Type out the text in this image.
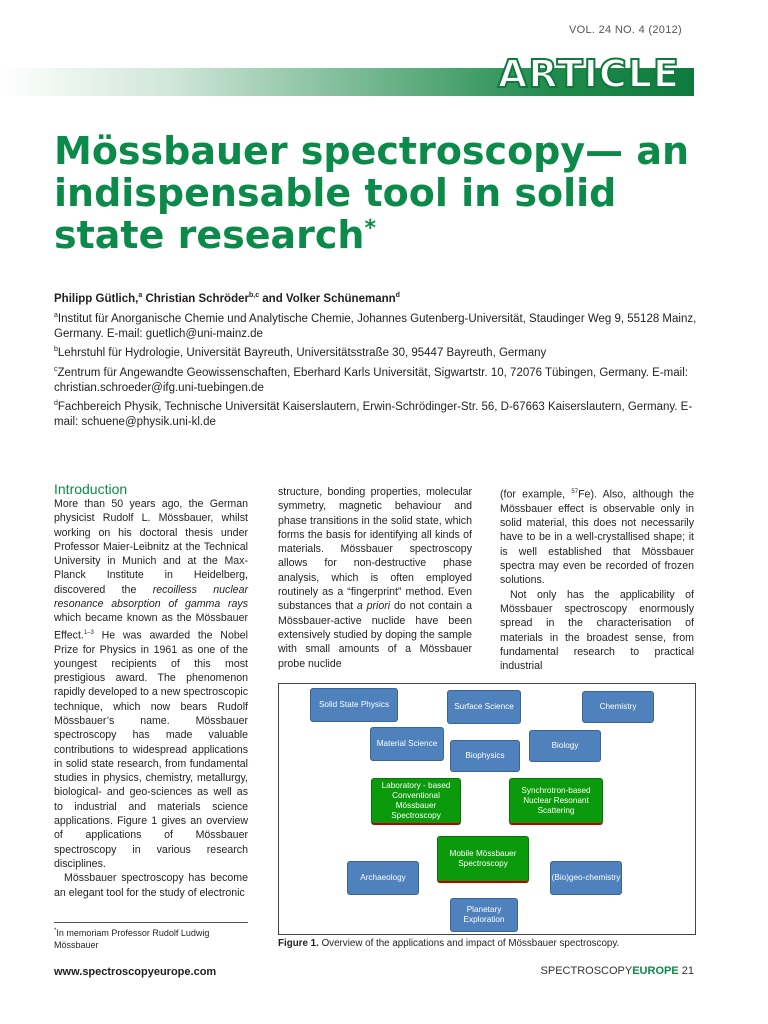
VOL. 24 NO. 4 (2012)
ARTICLE
Mössbauer spectroscopy— an indispensable tool in solid state research*
Philipp Gütlich,$^a$ Christian Schröder$^{b,c}$ and Volker Schünemann$^d$
$^a$Institut für Anorganische Chemie und Analytische Chemie, Johannes Gutenberg-Universität, Staudinger Weg 9, 55128 Mainz, Germany. E-mail: guetlich@uni-mainz.de
$^b$Lehrstuhl für Hydrologie, Universität Bayreuth, Universitätsstraße 30, 95447 Bayreuth, Germany
$^c$Zentrum für Angewandte Geowissenschaften, Eberhard Karls Universität, Sigwartstr. 10, 72076 Tübingen, Germany. E-mail: christian.schroeder@ifg.uni-tuebingen.de
$^d$Fachbereich Physik, Technische Universität Kaiserslautern, Erwin-Schrödinger-Str. 56, D-67663 Kaiserslautern, Germany. E-mail: schuene@physik.uni-kl.de
Introduction

More than 50 years ago, the German physicist Rudolf L. Mössbauer, whilst working on his doctoral thesis under Professor Maier-Leibnitz at the Technical University in Munich and at the Max-Planck Institute in Heidelberg, discovered the recoilless nuclear resonance absorption of gamma rays which became known as the Mössbauer Effect.$^{1-3}$ He was awarded the Nobel Prize for Physics in 1961 as one of the youngest recipients of this most prestigious award. The phenomenon rapidly developed to a new spectroscopic technique, which now bears Rudolf Mössbauer’s name. Mössbauer spectroscopy has made valuable contributions to widespread applications in solid state research, from fundamental studies in physics, chemistry, metallurgy, biological- and geo-sciences as well as to industrial and materials science applications. Figure 1 gives an overview of applications of Mössbauer spectroscopy in various research disciplines.

Mössbauer spectroscopy has become an elegant tool for the study of electronic

structure, bonding properties, molecular symmetry, magnetic behaviour and phase transitions in the solid state, which forms the basis for identifying all kinds of materials. Mössbauer spectroscopy allows for non-destructive phase analysis, which is often employed routinely as a “fingerprint” method. Even substances that a priori do not contain a Mössbauer-active nuclide have been extensively studied by doping the sample with small amounts of a Mössbauer probe nuclide

(for example, $^{57}$Fe). Also, although the Mössbauer effect is observable only in solid material, this does not necessarily have to be in a well-crystallised shape; it is well established that Mössbauer spectra may even be recorded of frozen solutions.

Not only has the applicability of Mössbauer spectroscopy enormously spread in the characterisation of materials in the broadest sense, from fundamental research to practical industrial

*In memoriam Professor Rudolf Ludwig Mössbauer
Solid State Physics	Surface Science	Chemistry
Material Science
Biophysics
Biology
Laboratory - based Conventional Mössbauer Spectroscopy
Synchrotron-based Nuclear Resonant Scattering
Mobile Mössbauer Spectroscopy
Archaeology	(Bio)geo-chemistry
Planetary Exploration
Figure 1. Overview of the applications and impact of Mössbauer spectroscopy.
www.spectroscopyeurope.com	SPECTROSCOPYEUROPE 21
